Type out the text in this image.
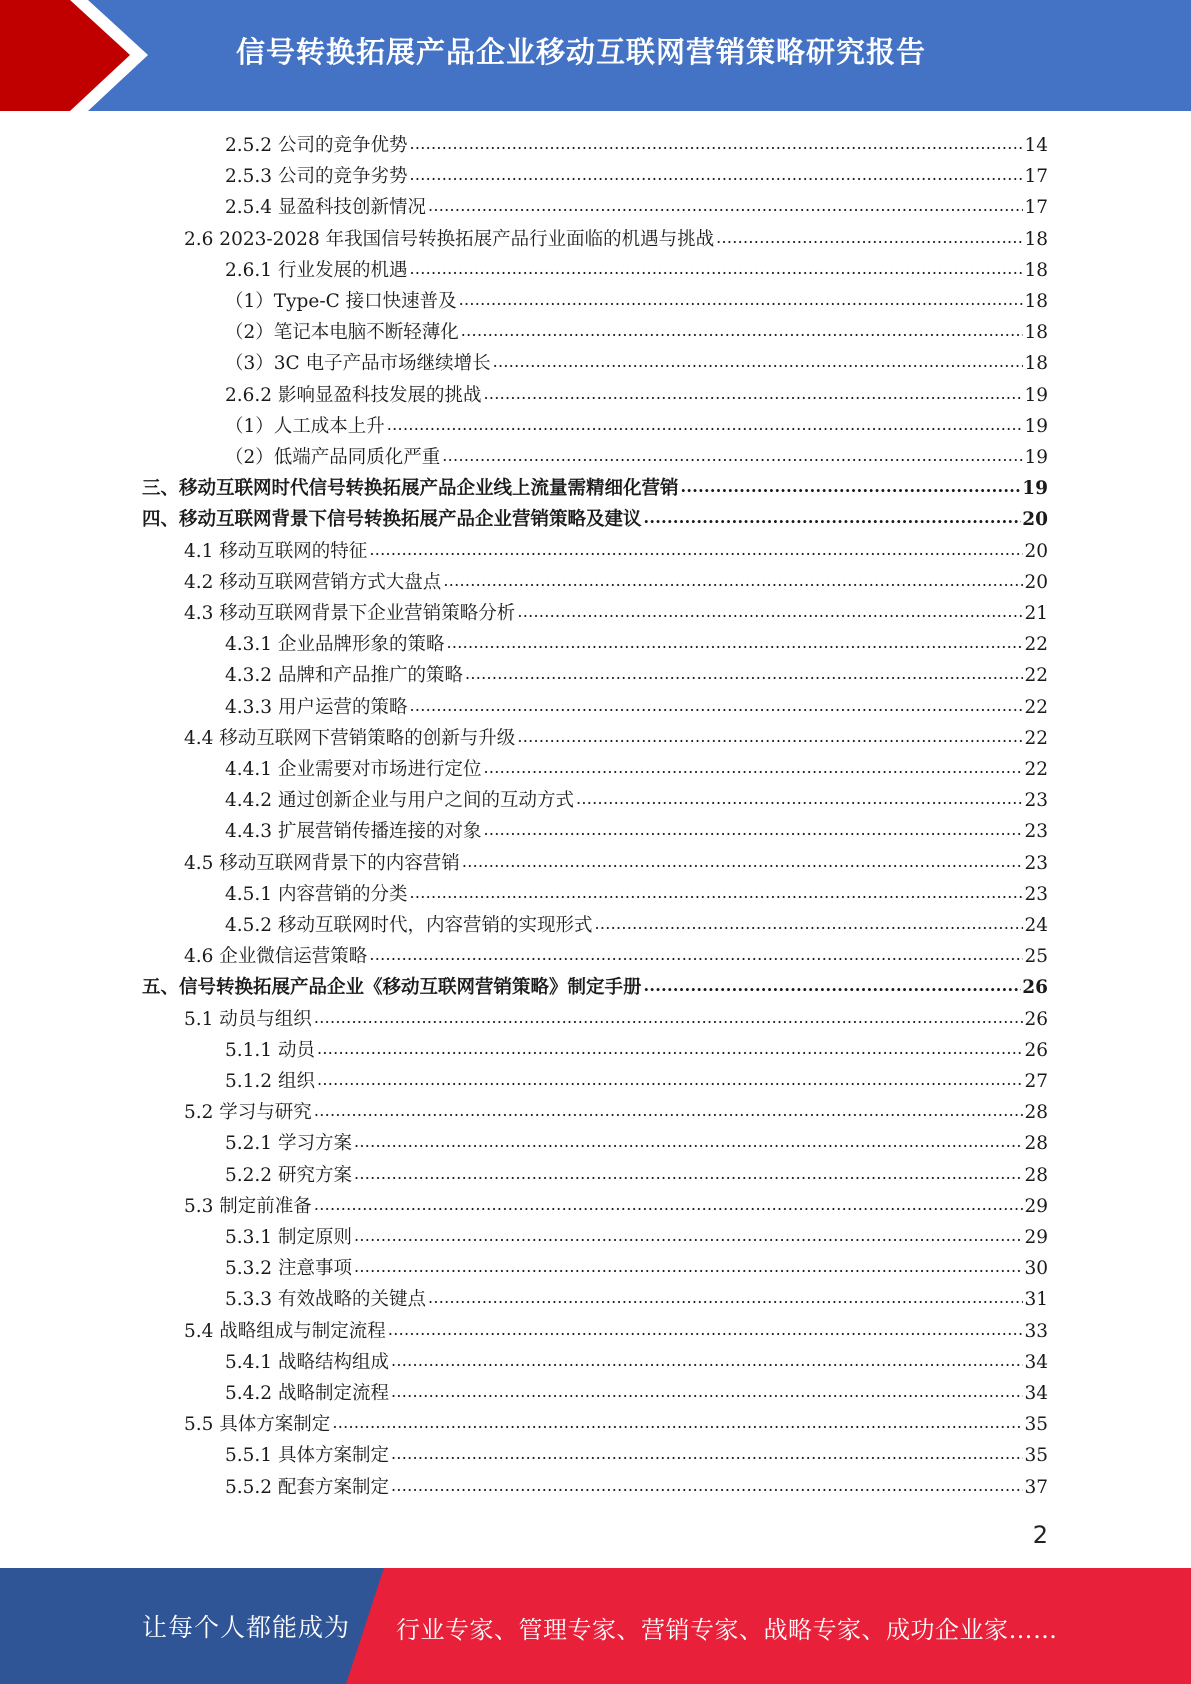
信号转换拓展产品企业移动互联网营销策略研究报告
2.5.2 公司的竞争优势 .....	14
2.5.3 公司的竞争劣势 .....	17
2.5.4 显盈科技创新情况 .....	17
2.6 2023-2028 年我国信号转换拓展产品行业面临的机遇与挑战 .....	18
2.6.1 行业发展的机遇 .....	18
（1）Type-C 接口快速普及 .....	18
（2）笔记本电脑不断轻薄化 .....	18
（3）3C 电子产品市场继续增长 .....	18
2.6.2 影响显盈科技发展的挑战 .....	19
（1）人工成本上升 .....	19
（2）低端产品同质化严重 .....	19
三、移动互联网时代信号转换拓展产品企业线上流量需精细化营销 .....	19
四、移动互联网背景下信号转换拓展产品企业营销策略及建议 .....	20
4.1 移动互联网的特征 .....	20
4.2 移动互联网营销方式大盘点 .....	20
4.3 移动互联网背景下企业营销策略分析 .....	21
4.3.1 企业品牌形象的策略 .....	22
4.3.2 品牌和产品推广的策略 .....	22
4.3.3 用户运营的策略 .....	22
4.4 移动互联网下营销策略的创新与升级 .....	22
4.4.1 企业需要对市场进行定位 .....	22
4.4.2 通过创新企业与用户之间的互动方式 .....	23
4.4.3 扩展营销传播连接的对象 .....	23
4.5 移动互联网背景下的内容营销 .....	23
4.5.1 内容营销的分类 .....	23
4.5.2 移动互联网时代，内容营销的实现形式 .....	24
4.6 企业微信运营策略 .....	25
五、信号转换拓展产品企业《移动互联网营销策略》制定手册 .....	26
5.1 动员与组织 .....	26
5.1.1 动员 .....	26
5.1.2 组织 .....	27
5.2 学习与研究 .....	28
5.2.1 学习方案 .....	28
5.2.2 研究方案 .....	28
5.3 制定前准备 .....	29
5.3.1 制定原则 .....	29
5.3.2 注意事项 .....	30
5.3.3 有效战略的关键点 .....	31
5.4 战略组成与制定流程 .....	33
5.4.1 战略结构组成 .....	34
5.4.2 战略制定流程 .....	34
5.5 具体方案制定 .....	35
5.5.1 具体方案制定 .....	35
5.5.2 配套方案制定 .....	37
2
让每个人都能成为 行业专家、管理专家、营销专家、战略专家、成功企业家……
